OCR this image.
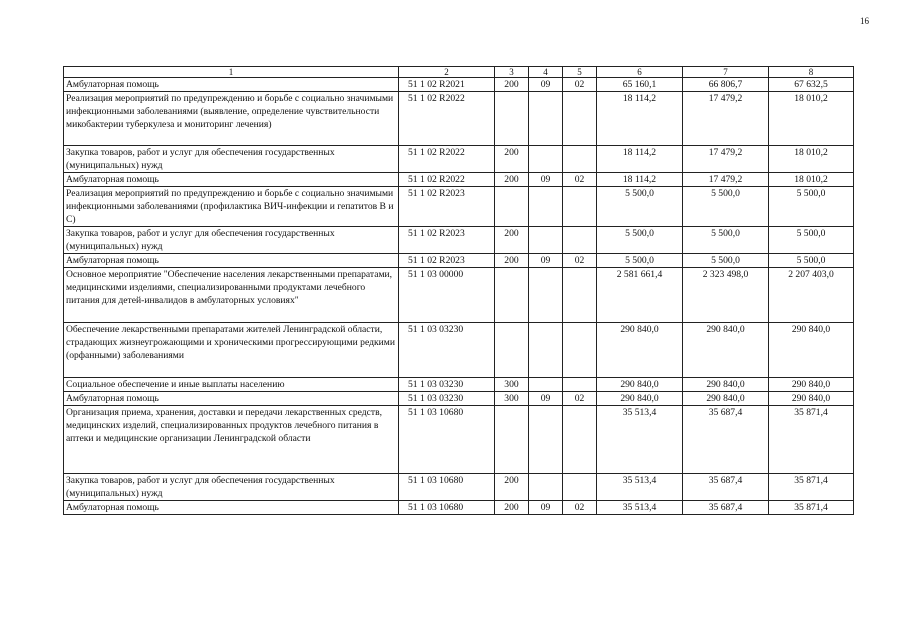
16
1	2	3	4	5	6	7	8
Амбулаторная помощь	51 1 02 R2021	200	09	02	65 160,1	66 806,7	67 632,5
Реализация мероприятий по предупреждению и борьбе с социально значимыми инфекционными заболеваниями (выявление, определение чувствительности микобактерии туберкулеза и мониторинг лечения)	51 1 02 R2022				18 114,2	17 479,2	18 010,2
Закупка товаров, работ и услуг для обеспечения государственных (муниципальных) нужд	51 1 02 R2022	200			18 114,2	17 479,2	18 010,2
Амбулаторная помощь	51 1 02 R2022	200	09	02	18 114,2	17 479,2	18 010,2
Реализация мероприятий по предупреждению и борьбе с социально значимыми инфекционными заболеваниями (профилактика ВИЧ-инфекции и гепатитов В и С)	51 1 02 R2023				5 500,0	5 500,0	5 500,0
Закупка товаров, работ и услуг для обеспечения государственных (муниципальных) нужд	51 1 02 R2023	200			5 500,0	5 500,0	5 500,0
Амбулаторная помощь	51 1 02 R2023	200	09	02	5 500,0	5 500,0	5 500,0
Основное мероприятие "Обеспечение населения лекарственными препаратами, медицинскими изделиями, специализированными продуктами лечебного питания для детей-инвалидов в амбулаторных условиях"	51 1 03 00000				2 581 661,4	2 323 498,0	2 207 403,0
Обеспечение лекарственными препаратами жителей Ленинградской области, страдающих жизнеугрожающими и хроническими прогрессирующими редкими (орфанными) заболеваниями	51 1 03 03230				290 840,0	290 840,0	290 840,0
Социальное обеспечение и иные выплаты населению	51 1 03 03230	300			290 840,0	290 840,0	290 840,0
Амбулаторная помощь	51 1 03 03230	300	09	02	290 840,0	290 840,0	290 840,0
Организация приема, хранения, доставки и передачи лекарственных средств, медицинских изделий, специализированных продуктов лечебного питания в аптеки и медицинские организации Ленинградской области	51 1 03 10680				35 513,4	35 687,4	35 871,4
Закупка товаров, работ и услуг для обеспечения государственных (муниципальных) нужд	51 1 03 10680	200			35 513,4	35 687,4	35 871,4
Амбулаторная помощь	51 1 03 10680	200	09	02	35 513,4	35 687,4	35 871,4
